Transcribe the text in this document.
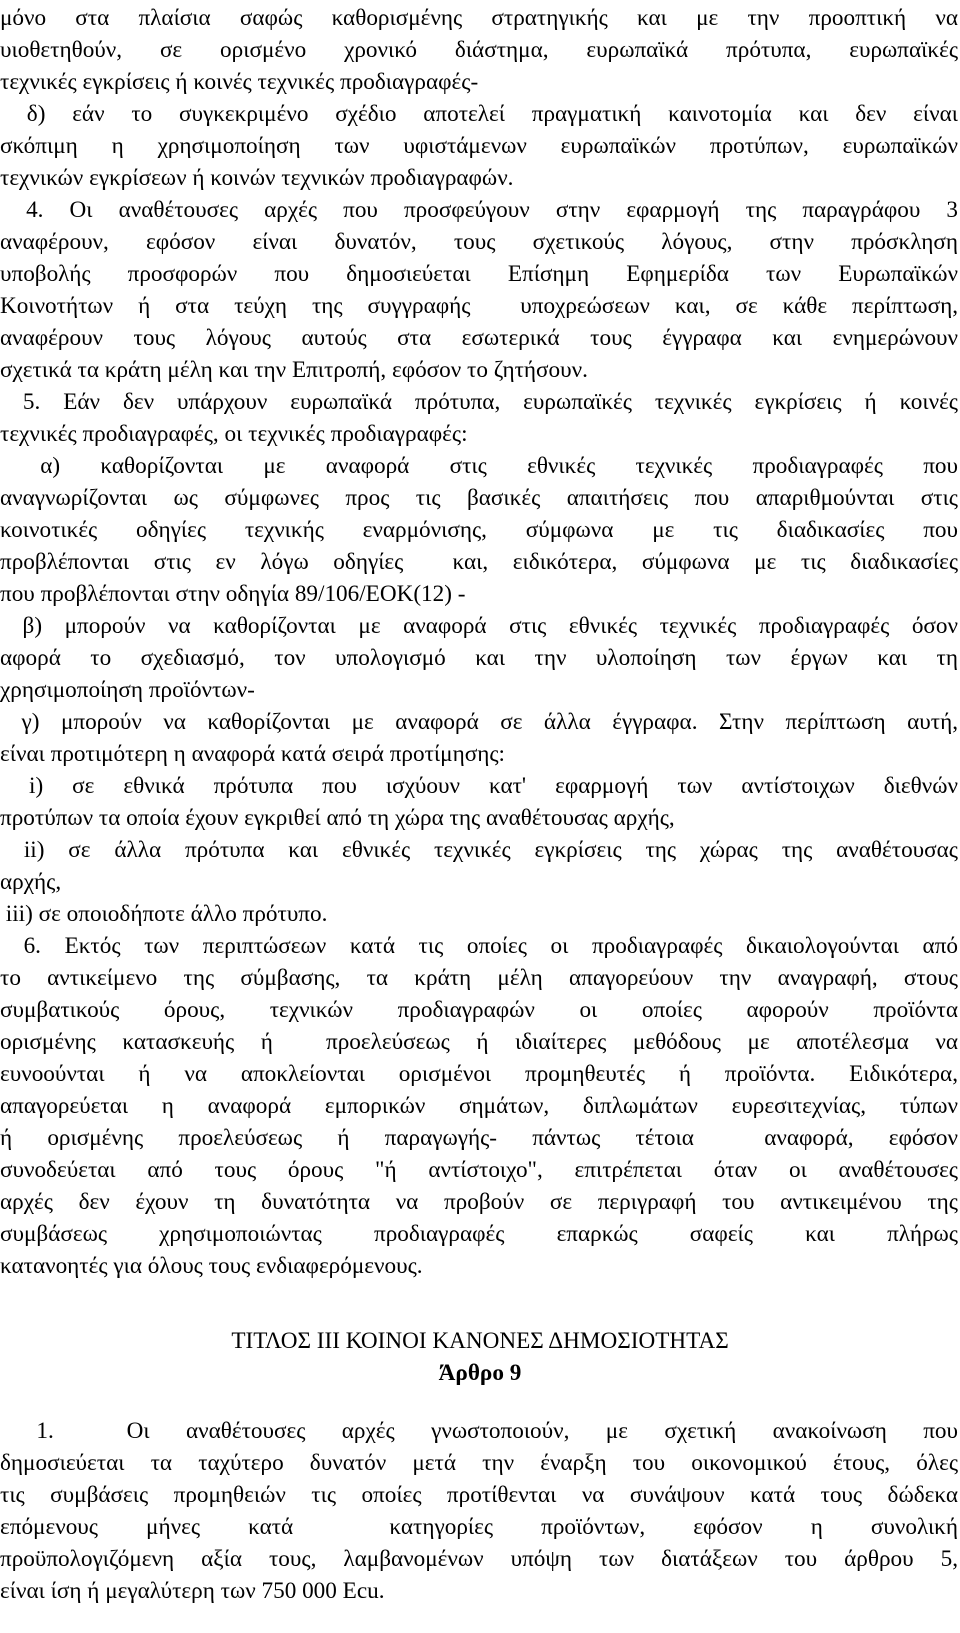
μόνο στα πλαίσια σαφώς καθορισμένης στρατηγικής και με την προοπτική να
υιοθετηθούν, σε ορισμένο χρονικό διάστημα, ευρωπαϊκά πρότυπα, ευρωπαϊκές
τεχνικές εγκρίσεις ή κοινές τεχνικές προδιαγραφές-
δ) εάν το συγκεκριμένο σχέδιο αποτελεί πραγματική καινοτομία και δεν είναι
σκόπιμη η χρησιμοποίηση των υφιστάμενων ευρωπαϊκών προτύπων, ευρωπαϊκών
τεχνικών εγκρίσεων ή κοινών τεχνικών προδιαγραφών.
4. Οι αναθέτουσες αρχές που προσφεύγουν στην εφαρμογή της παραγράφου 3
αναφέρουν, εφόσον είναι δυνατόν, τους σχετικούς λόγους, στην πρόσκληση
υποβολής προσφορών που δημοσιεύεται Επίσημη Εφημερίδα των Ευρωπαϊκών
Κοινοτήτων ή στα τεύχη της συγγραφής  υποχρεώσεων και, σε κάθε περίπτωση,
αναφέρουν τους λόγους αυτούς στα εσωτερικά τους έγγραφα και ενημερώνουν
σχετικά τα κράτη μέλη και την Επιτροπή, εφόσον το ζητήσουν.
5. Εάν δεν υπάρχουν ευρωπαϊκά πρότυπα, ευρωπαϊκές τεχνικές εγκρίσεις ή κοινές
τεχνικές προδιαγραφές, οι τεχνικές προδιαγραφές:
α) καθορίζονται με αναφορά στις εθνικές τεχνικές προδιαγραφές που
αναγνωρίζονται ως σύμφωνες προς τις βασικές απαιτήσεις που απαριθμούνται στις
κοινοτικές οδηγίες τεχνικής εναρμόνισης, σύμφωνα με τις διαδικασίες που
προβλέπονται στις εν λόγω οδηγίες  και, ειδικότερα, σύμφωνα με τις διαδικασίες
που προβλέπονται στην οδηγία 89/106/ΕΟΚ(12) -
β) μπορούν να καθορίζονται με αναφορά στις εθνικές τεχνικές προδιαγραφές όσον
αφορά το σχεδιασμό, τον υπολογισμό και την υλοποίηση των έργων και τη
χρησιμοποίηση προϊόντων-
γ) μπορούν να καθορίζονται με αναφορά σε άλλα έγγραφα. Στην περίπτωση αυτή,
είναι προτιμότερη η αναφορά κατά σειρά προτίμησης:
i) σε εθνικά πρότυπα που ισχύουν κατ' εφαρμογή των αντίστοιχων διεθνών
προτύπων τα οποία έχουν εγκριθεί από τη χώρα της αναθέτουσας αρχής,
ii) σε άλλα πρότυπα και εθνικές τεχνικές εγκρίσεις της χώρας της αναθέτουσας
αρχής,
iii) σε οποιοδήποτε άλλο πρότυπο.
6. Εκτός των περιπτώσεων κατά τις οποίες οι προδιαγραφές δικαιολογούνται από
το αντικείμενο της σύμβασης, τα κράτη μέλη απαγορεύουν την αναγραφή, στους
συμβατικούς όρους, τεχνικών προδιαγραφών οι οποίες αφορούν προϊόντα
ορισμένης κατασκευής ή  προελεύσεως ή ιδιαίτερες μεθόδους με αποτέλεσμα να
ευνοούνται ή να αποκλείονται ορισμένοι προμηθευτές ή προϊόντα. Ειδικότερα,
απαγορεύεται η αναφορά εμπορικών σημάτων, διπλωμάτων ευρεσιτεχνίας, τύπων
ή ορισμένης προελεύσεως ή παραγωγής- πάντως τέτοια  αναφορά, εφόσον
συνοδεύεται από τους όρους "ή αντίστοιχο", επιτρέπεται όταν οι αναθέτουσες
αρχές δεν έχουν τη δυνατότητα να προβούν σε περιγραφή του αντικειμένου της
συμβάσεως χρησιμοποιώντας προδιαγραφές επαρκώς σαφείς και πλήρως
κατανοητές για όλους τους ενδιαφερόμενους.
ΤΙΤΛΟΣ ΙΙΙ ΚΟΙΝΟΙ ΚΑΝΟΝΕΣ ΔΗΜΟΣΙΟΤΗΤΑΣ
Άρθρο 9
1.  Οι αναθέτουσες αρχές γνωστοποιούν, με σχετική ανακοίνωση που
δημοσιεύεται τα ταχύτερο δυνατόν μετά την έναρξη του οικονομικού έτους, όλες
τις συμβάσεις προμηθειών τις οποίες προτίθενται να συνάψουν κατά τους δώδεκα
επόμενους μήνες κατά  κατηγορίες προϊόντων, εφόσον η συνολική
προϋπολογιζόμενη αξία τους, λαμβανομένων υπόψη των διατάξεων του άρθρου 5,
είναι ίση ή μεγαλύτερη των 750 000 Ecu.
